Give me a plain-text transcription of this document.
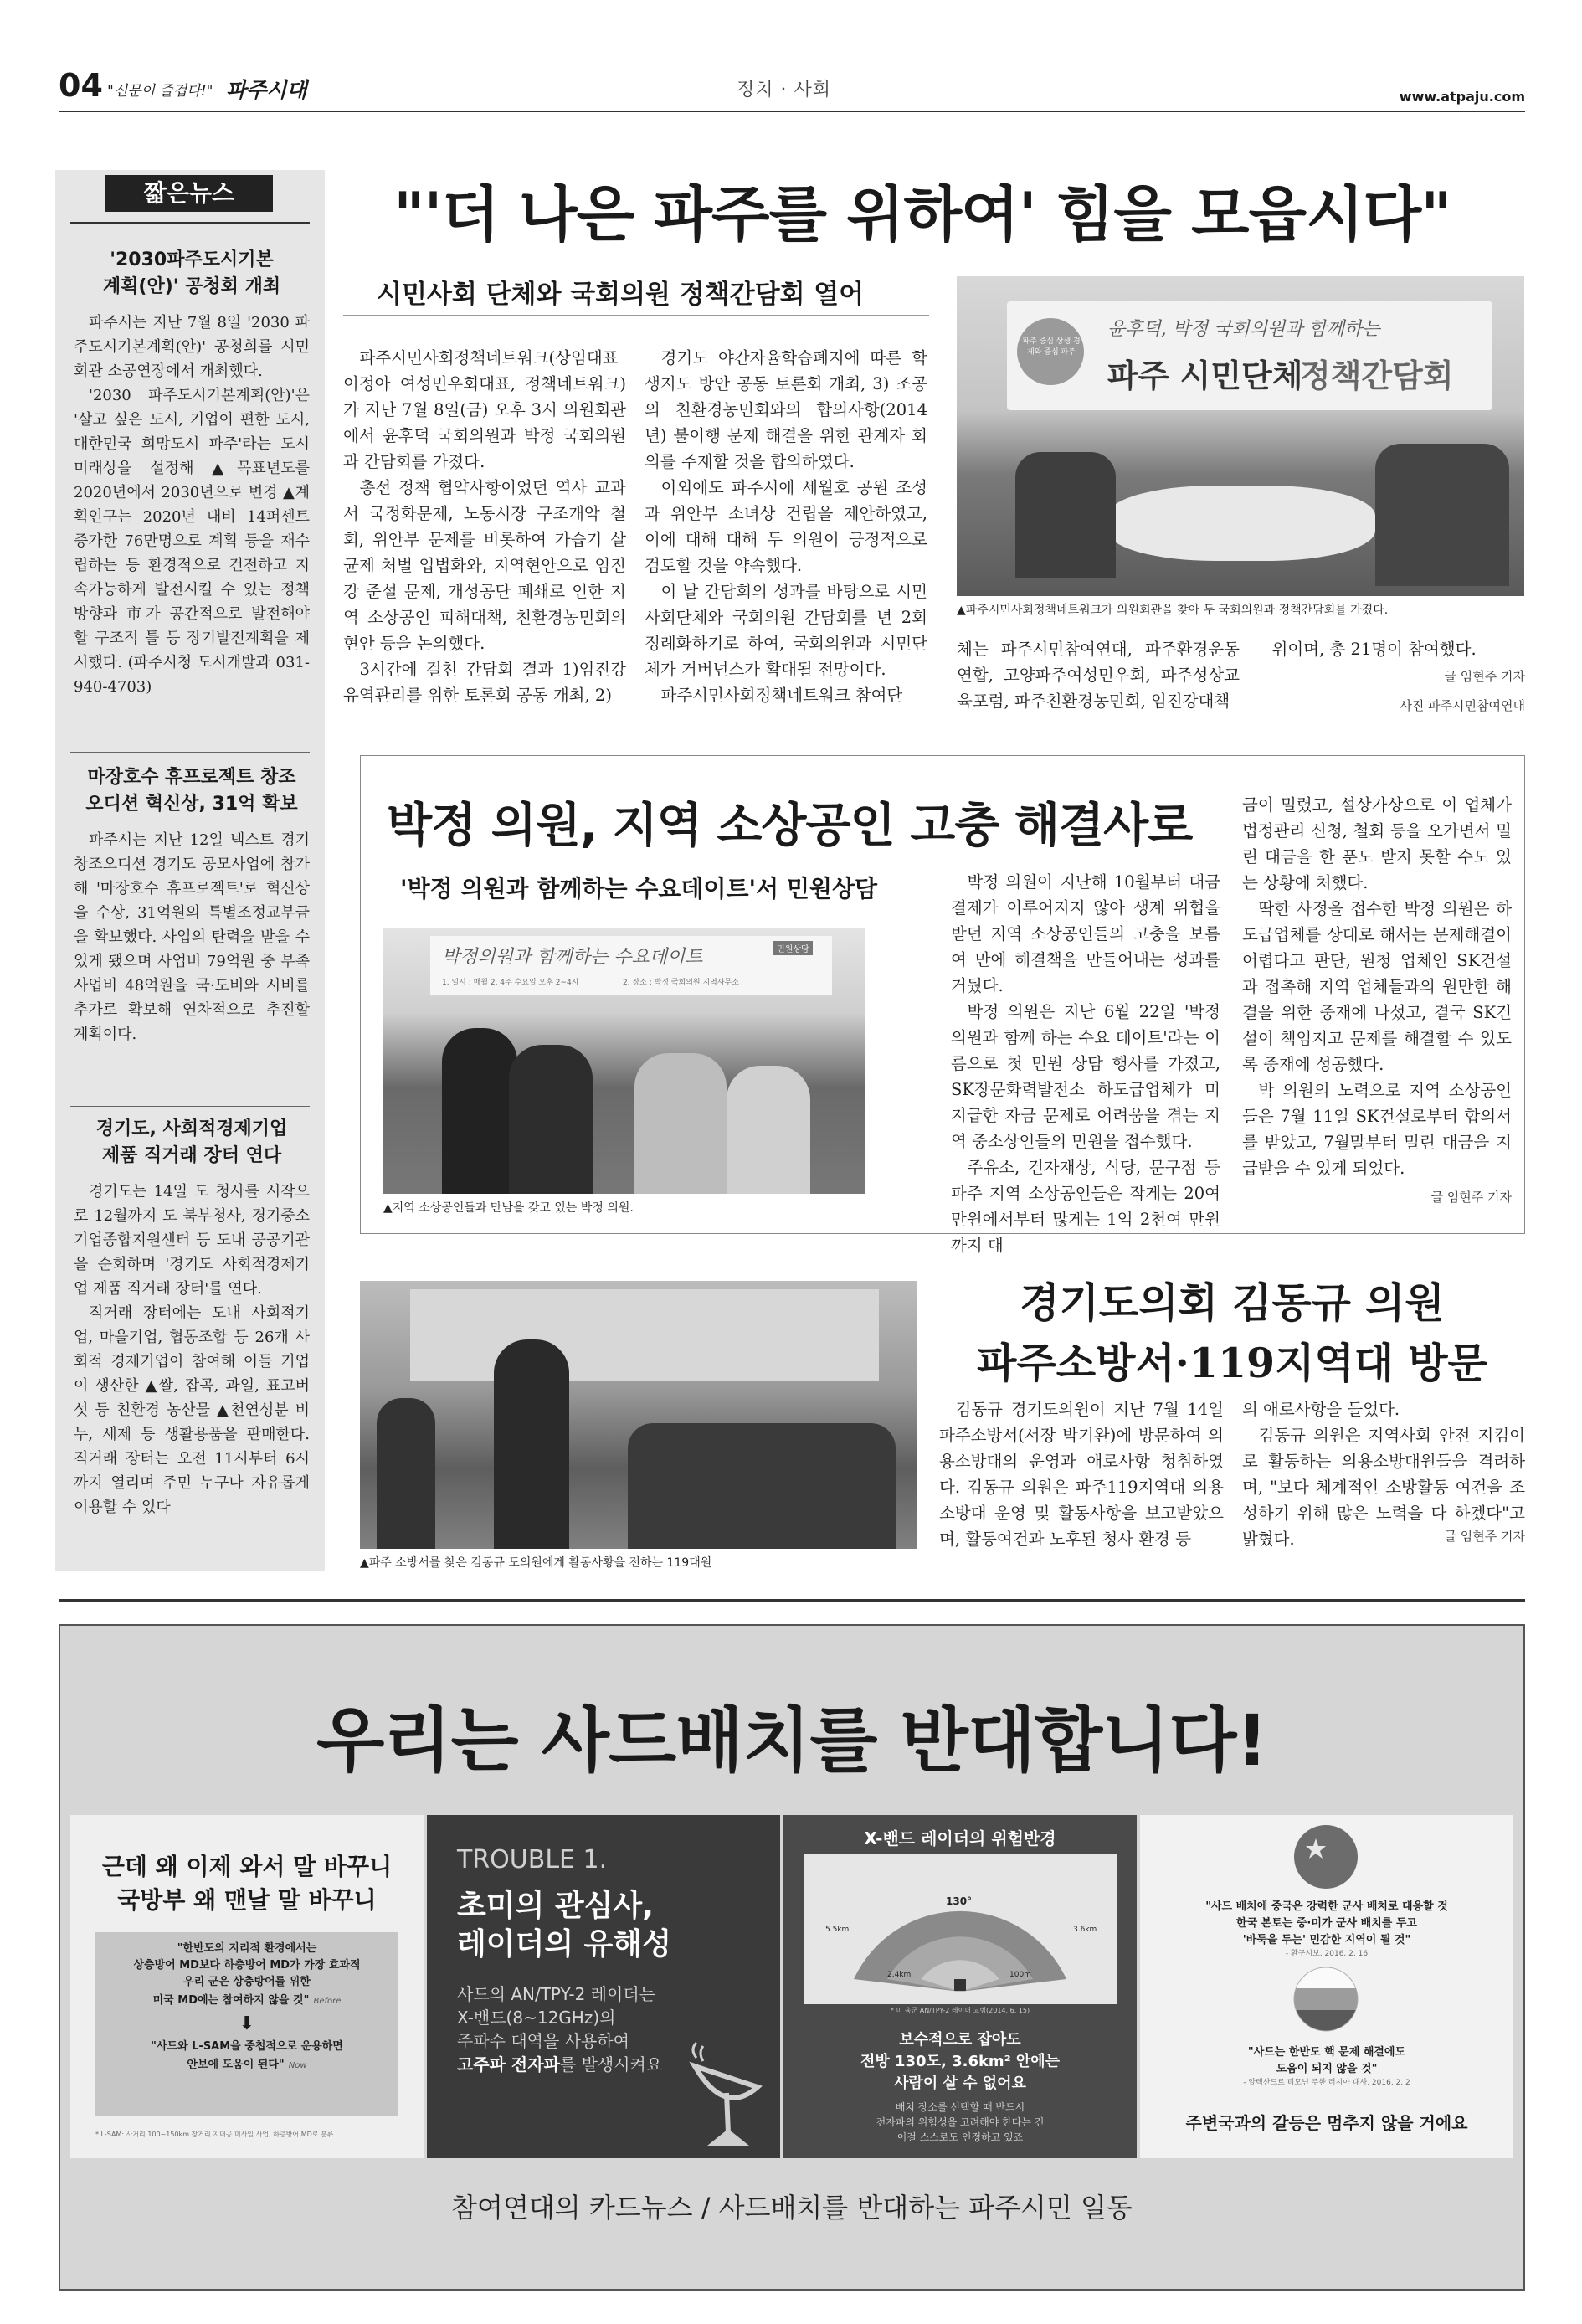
04 "신문이 즐겁다!" 파주시대	정치 · 사회	www.atpaju.com
짧은뉴스
'2030파주도시기본
계획(안)' 공청회 개최

파주시는 지난 7월 8일 '2030 파주도시기본계획(안)' 공청회를 시민회관 소공연장에서 개최했다.

'2030 파주도시기본계획(안)'은 '살고 싶은 도시, 기업이 편한 도시, 대한민국 희망도시 파주'라는 도시미래상을 설정해 ▲목표년도를 2020년에서 2030년으로 변경 ▲계획인구는 2020년 대비 14퍼센트 증가한 76만명으로 계획 등을 재수립하는 등 환경적으로 건전하고 지속가능하게 발전시킬 수 있는 정책방향과 市가 공간적으로 발전해야 할 구조적 틀 등 장기발전계획을 제시했다. (파주시청 도시개발과 031-940-4703)

마장호수 휴프로젝트 창조
오디션 혁신상, 31억 확보

파주시는 지난 12일 넥스트 경기 창조오디션 경기도 공모사업에 참가해 '마장호수 휴프로젝트'로 혁신상을 수상, 31억원의 특별조정교부금을 확보했다. 사업의 탄력을 받을 수 있게 됐으며 사업비 79억원 중 부족사업비 48억원을 국·도비와 시비를 추가로 확보해 연차적으로 추진할 계획이다.

경기도, 사회적경제기업
제품 직거래 장터 연다

경기도는 14일 도 청사를 시작으로 12월까지 도 북부청사, 경기중소기업종합지원센터 등 도내 공공기관을 순회하며 '경기도 사회적경제기업 제품 직거래 장터'를 연다.

직거래 장터에는 도내 사회적기업, 마을기업, 협동조합 등 26개 사회적 경제기업이 참여해 이들 기업이 생산한 ▲쌀, 잡곡, 과일, 표고버섯 등 친환경 농산물 ▲천연성분 비누, 세제 등 생활용품을 판매한다. 직거래 장터는 오전 11시부터 6시까지 열리며 주민 누구나 자유롭게 이용할 수 있다

"'더 나은 파주를 위하여' 힘을 모읍시다"
시민사회 단체와 국회의원 정책간담회 열어

파주시민사회정책네트워크(상임대표 이정아 여성민우회대표, 정책네트워크)가 지난 7월 8일(금) 오후 3시 의원회관에서 윤후덕 국회의원과 박정 국회의원과 간담회를 가졌다.

총선 정책 협약사항이었던 역사 교과서 국정화문제, 노동시장 구조개악 철회, 위안부 문제를 비롯하여 가습기 살균제 처벌 입법화와, 지역현안으로 임진강 준설 문제, 개성공단 폐쇄로 인한 지역 소상공인 피해대책, 친환경농민회의 현안 등을 논의했다.

3시간에 걸친 간담회 결과 1)임진강 유역관리를 위한 토론회 공동 개최, 2)

경기도 야간자율학습폐지에 따른 학생지도 방안 공동 토론회 개최, 3) 조공의 친환경농민회와의 합의사항(2014년) 불이행 문제 해결을 위한 관계자 회의를 주재할 것을 합의하였다.

이외에도 파주시에 세월호 공원 조성과 위안부 소녀상 건립을 제안하였고, 이에 대해 대해 두 의원이 긍정적으로 검토할 것을 약속했다.

이 날 간담회의 성과를 바탕으로 시민사회단체와 국회의원 간담회를 년 2회 정례화하기로 하여, 국회의원과 시민단체가 거버넌스가 확대될 전망이다.

파주시민사회정책네트워크 참여단

파주 중심 상생 경제와 중심 파주
윤후덕, 박정 국회의원과 함께하는
파주 시민단체
정책간담회
▲파주시민사회정책네트워크가 의원회관을 찾아 두 국회의원과 정책간담회를 가졌다.

체는 파주시민참여연대, 파주환경운동연합, 고양파주여성민우회, 파주성상교육포럼, 파주친환경농민회, 임진강대책

위이며, 총 21명이 참여했다.

글 임현주 기자
사진 파주시민참여연대
박정 의원, 지역 소상공인 고충 해결사로
'박정 의원과 함께하는 수요데이트'서 민원상담
박정의원과 함께하는 수요데이트	민원상담
1. 일시 : 매월 2, 4주 수요일 오후 2~4시	2. 장소 : 박정 국회의원 지역사무소
▲지역 소상공인들과 만남을 갖고 있는 박정 의원.

박정 의원이 지난해 10월부터 대금결제가 이루어지지 않아 생계 위협을 받던 지역 소상공인들의 고충을 보름여 만에 해결책을 만들어내는 성과를 거뒀다.

박정 의원은 지난 6월 22일 '박정 의원과 함께 하는 수요 데이트'라는 이름으로 첫 민원 상담 행사를 가졌고, SK장문화력발전소 하도급업체가 미지급한 자금 문제로 어려움을 겪는 지역 중소상인들의 민원을 접수했다.

주유소, 건자재상, 식당, 문구점 등 파주 지역 소상공인들은 작게는 20여 만원에서부터 많게는 1억 2천여 만원까지 대

금이 밀렸고, 설상가상으로 이 업체가 법정관리 신청, 철회 등을 오가면서 밀린 대금을 한 푼도 받지 못할 수도 있는 상황에 처했다.

딱한 사정을 접수한 박정 의원은 하도급업체를 상대로 해서는 문제해결이 어렵다고 판단, 원청 업체인 SK건설과 접촉해 지역 업체들과의 원만한 해결을 위한 중재에 나섰고, 결국 SK건설이 책임지고 문제를 해결할 수 있도록 중재에 성공했다.

박 의원의 노력으로 지역 소상공인들은 7월 11일 SK건설로부터 합의서를 받았고, 7월말부터 밀린 대금을 지급받을 수 있게 되었다.

글 임현주 기자
▲파주 소방서를 찾은 김동규 도의원에게 활동사황을 전하는 119대원
경기도의회 김동규 의원
파주소방서·119지역대 방문

김동규 경기도의원이 지난 7월 14일 파주소방서(서장 박기완)에 방문하여 의용소방대의 운영과 애로사항 청취하였다. 김동규 의원은 파주119지역대 의용소방대 운영 및 활동사항을 보고받았으며, 활동여건과 노후된 청사 환경 등

의 애로사항을 들었다.

김동규 의원은 지역사회 안전 지킴이로 활동하는 의용소방대원들을 격려하며, "보다 체계적인 소방활동 여건을 조성하기 위해 많은 노력을 다 하겠다"고 밝혔다.	글 임현주 기자
우리는 사드배치를 반대합니다!
근데 왜 이제 와서 말 바꾸니
국방부 왜 맨날 말 바꾸니
"한반도의 지리적 환경에서는
상층방어 MD보다 하층방어 MD가 가장 효과적
우리 군은 상층방어를 위한
미국 MD에는 참여하지 않을 것" Before
⬇
"사드와 L-SAM을 중첩적으로 운용하면
안보에 도움이 된다" Now
* L-SAM: 사거리 100~150km 장거리 지대공 미사일 사업, 하층방어 MD로 분류
TROUBLE 1.
초미의 관심사,
레이더의 유해성
사드의 AN/TPY-2 레이더는
X-밴드(8~12GHz)의
주파수 대역을 사용하여
고주파 전자파를 발생시켜요
X-밴드 레이더의 위험반경
130°
5.5km	3.6km
2.4km	100m
* 미 육군 AN/TPY-2 레이더 교범(2014. 6. 15)
보수적으로 잡아도
전방 130도, 3.6km² 안에는
사람이 살 수 없어요
배치 장소를 선택할 때 반드시
전자파의 위험성을 고려해야 한다는 건
이걸 스스로도 인정하고 있죠
"사드 배치에 중국은 강력한 군사 배치로 대응할 것
한국 본토는 중·미가 군사 배치를 두고
'바둑을 두는' 민감한 지역이 될 것"
- 환구시보, 2016. 2. 16
"사드는 한반도 핵 문제 해결에도
도움이 되지 않을 것"
- 알렉산드르 티모닌 주한 러시아 대사, 2016. 2. 2
주변국과의 갈등은 멈추지 않을 거에요
참여연대의 카드뉴스 / 사드배치를 반대하는 파주시민 일동
